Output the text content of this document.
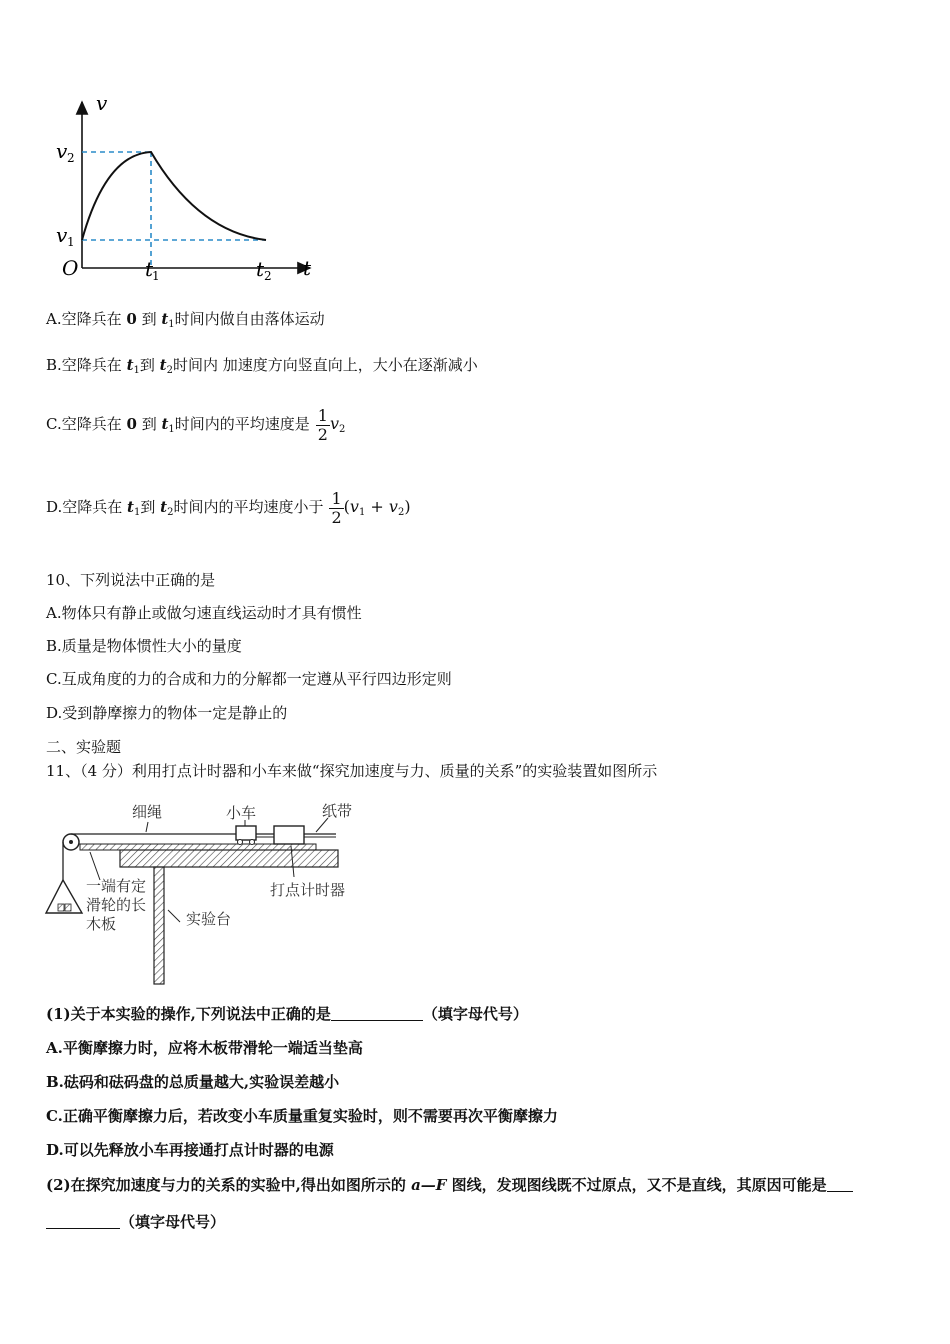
v
t
O
v 2
v 1
t
1	t 2
A.空降兵在 0 到 $t_1$时间内做自由落体运动
B.空降兵在 $t_1$到 $t_2$时间内 加速度方向竖直向上，大小在逐渐减小
C.空降兵在 0 到 $t_1$时间内的平均速度是 $\frac{1}{2} v_2$
D.空降兵在 $t_1$到 $t_2$时间内的平均速度小于 $\frac{1}{2} (v_1 + v_2)$
10、下列说法中正确的是
A.物体只有静止或做匀速直线运动时才具有惯性
B.质量是物体惯性大小的量度
C.互成角度的力的合成和力的分解都一定遵从平行四边形定则
D.受到静摩擦力的物体一定是静止的
二、实验题
11、（4 分）利用打点计时器和小车来做“探究加速度与力、质量的关系”的实验装置如图所示
细绳	小车	纸带
打点计时器
一端有定
滑轮的长
木板	实验台
(1)关于本实验的操作,下列说法中正确的是	（填字母代号）
A.平衡摩擦力时，应将木板带滑轮一端适当垫高
B.砝码和砝码盘的总质量越大,实验误差越小
C.正确平衡摩擦力后，若改变小车质量重复实验时，则不需要再次平衡摩擦力
D.可以先释放小车再接通打点计时器的电源
(2)在探究加速度与力的关系的实验中,得出如图所示的 a—F 图线，发现图线既不过原点，又不是直线，其原因可能是
（填字母代号）
